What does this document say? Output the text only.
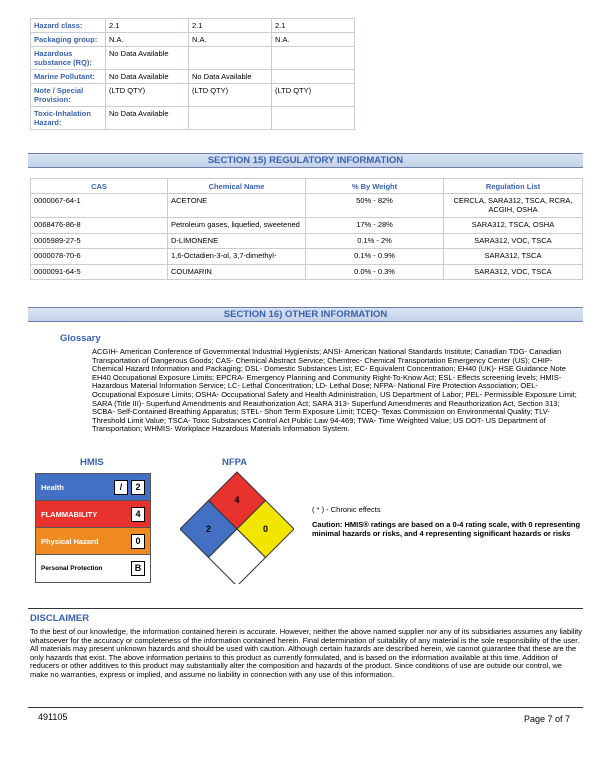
Hazard class:	2.1	2.1	2.1
Packaging group:	N.A.	N.A.	N.A.
Hazardous substance (RQ):	No Data Available		
Marine Pollutant:	No Data Available	No Data Available	
Note / Special Provision:	(LTD QTY)	(LTD QTY)	(LTD QTY)
Toxic-Inhalation Hazard:	No Data Available		
SECTION 15) REGULATORY INFORMATION
CAS	Chemical Name	% By Weight	Regulation List
0000067-64-1	ACETONE	50% - 82%	CERCLA, SARA312, TSCA, RCRA, ACGIH, OSHA
0068476-86-8	Petroleum gases, liquefied, sweetened	17% - 28%	SARA312, TSCA, OSHA
0005989-27-5	D-LIMONENE	0.1% - 2%	SARA312, VOC, TSCA
0000078-70-6	1,6-Octadien-3-ol, 3,7-dimethyl-	0.1% - 0.9%	SARA312, TSCA
0000091-64-5	COUMARIN	0.0% - 0.3%	SARA312, VOC, TSCA
SECTION 16) OTHER INFORMATION
Glossary
ACGIH- American Conference of Governmental Industrial Hygienists; ANSI- American National Standards Institute; Canadian TDG- Canadian Transportation of Dangerous Goods; CAS- Chemical Abstract Service; Chemtrec- Chemical Transportation Emergency Center (US); CHIP- Chemical Hazard Information and Packaging; DSL- Domestic Substances List; EC- Equivalent Concentration; EH40 (UK)- HSE Guidance Note EH40 Occupational Exposure Limits; EPCRA- Emergency Planning and Community Right-To-Know Act; ESL- Effects screening levels; HMIS- Hazardous Material Information Service; LC- Lethal Concentration; LD- Lethal Dose; NFPA- National Fire Protection Association; OEL- Occupational Exposure Limits; OSHA- Occupational Safety and Health Administration, US Department of Labor; PEL- Permissible Exposure Limit; SARA (Title III)- Superfund Amendments and Reauthorization Act; SARA 313- Superfund Amendments and Reauthorization Act, Section 313; SCBA- Self-Contained Breathing Apparatus; STEL- Short Term Exposure Limit; TCEQ- Texas Commission on Environmental Quality; TLV- Threshold Limit Value; TSCA- Toxic Substances Control Act Public Law 94-469; TWA- Time Weighted Value; US DOT- US Department of Transportation; WHMIS- Workplace Hazardous Materials Information System.
HMIS
Health	/	2
FLAMMABILITY	4
Physical Hazard	0
Personal Protection	B
NFPA
4
2	0
( * ) - Chronic effects
Caution: HMIS® ratings are based on a 0-4 rating scale, with 0 representing minimal hazards or risks, and 4 representing significant hazards or risks
DISCLAIMER
To the best of our knowledge, the information contained herein is accurate. However, neither the above named supplier nor any of its subsidiaries assumes any liability whatsoever for the accuracy or completeness of the information contained herein. Final determination of suitability of any material is the sole responsibility of the user. All materials may present unknown hazards and should be used with caution. Although certain hazards are described herein, we cannot guarantee that these are the only hazards that exist. The above information pertains to this product as currently formulated, and is based on the information available at this time. Addition of reducers or other additives to this product may substantially alter the composition and hazards of the product. Since conditions of use are outside our control, we make no warranties, express or implied, and assume no liability in connection with any use of this information.
491105	Page 7 of 7
